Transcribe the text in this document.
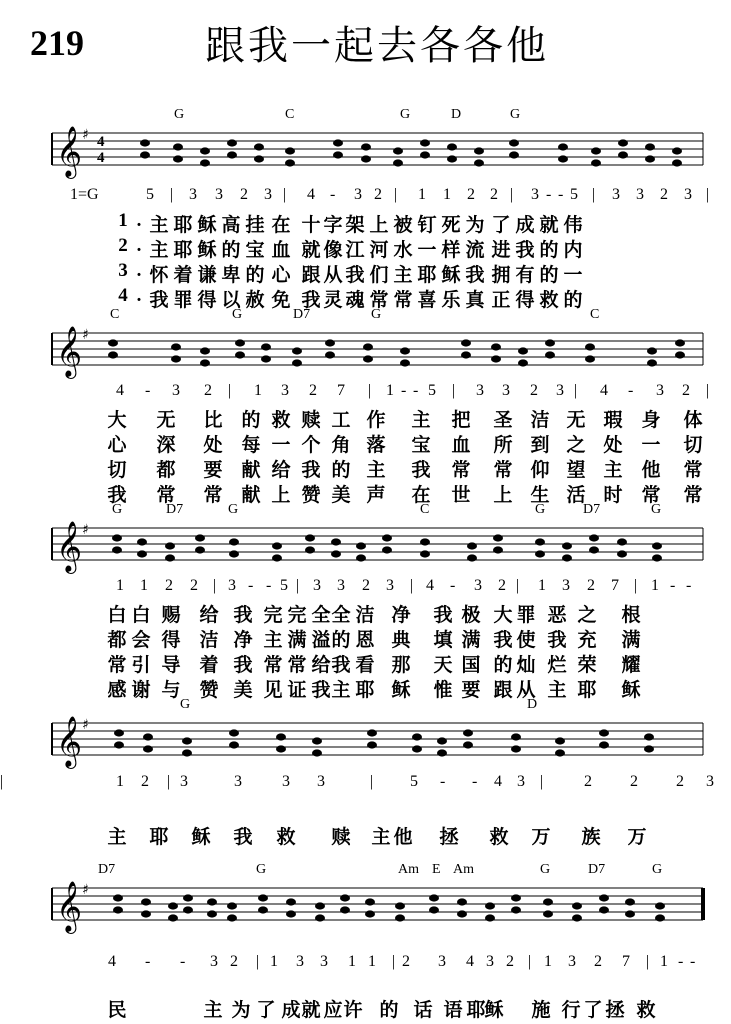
219	跟我一起去各各他
𝄞 ♯ 4
4
G	C	G	D	G
1=G	5 | 3 3 2 3 | 4 - 3 2 | 1 1 2 2 | 3 - - 5 | 3 3 2 3 |
1 . 主 耶 稣 高 挂 在 十 字 架 上 被 钉 死 为 了 成 就 伟
2 . 主 耶 稣 的 宝 血 就 像 江 河 水 一 样 流 进 我 的 内
3 . 怀 着 谦 卑 的 心 跟 从 我 们 主 耶 稣 我 拥 有 的 一
4 . 我 罪 得 以 赦 免 我 灵 魂 常 常 喜 乐 真 正 得 救 的
𝄞 ♯
C	G	D7	G	C
4 - 3 2 | 1 3 2 7 | 1 - - 5 | 3 3 2 3 | 4 - 3 2 |
大 无 比 的 救 赎 工 作 主 把 圣 洁 无 瑕 身 体
心 深 处 每 一 个 角 落 宝 血 所 到 之 处 一 切
切 都 要 献 给 我 的 主 我 常 常 仰 望 主 他 常
我 常 常 献 上 赞 美 声 在 世 上 生 活 时 常 常
𝄞 ♯
G	D7	G	C	G	D7	G
1 1 2 2 | 3 - - 5 | 3 3 2 3 | 4 - 3 2 | 1 3 2 7 | 1 - -
白 白 赐 给 我 完 完 全 全 洁 净 我 极 大 罪 恶 之 根
都 会 得 洁 净 主 满 溢 的 恩 典 填 满 我 使 我 充 满
常 引 导 着 我 常 常 给 我 看 那 天 国 的 灿 烂 荣 耀
感 谢 与 赞 美 见 证 我 主 耶 稣 惟 要 跟 从 主 耶 稣
𝄞 ♯
G	D
1 2 | 3	3	3 3	| 5 - - 4 3 |	2 2 2 3
|
主 耶 稣 我 救 赎 主 他 拯 救 万 族 万
𝄞 ♯
D7	G	Am E Am	G	D7	G
4 - - 3 2 | 1 3 3 1 1 | 2 3 4 3 2 | 1 3 2 7 | 1 - -
民	主 为 了 成 就 应 许 的 话 语 耶
稣 施 行 了 拯 救
